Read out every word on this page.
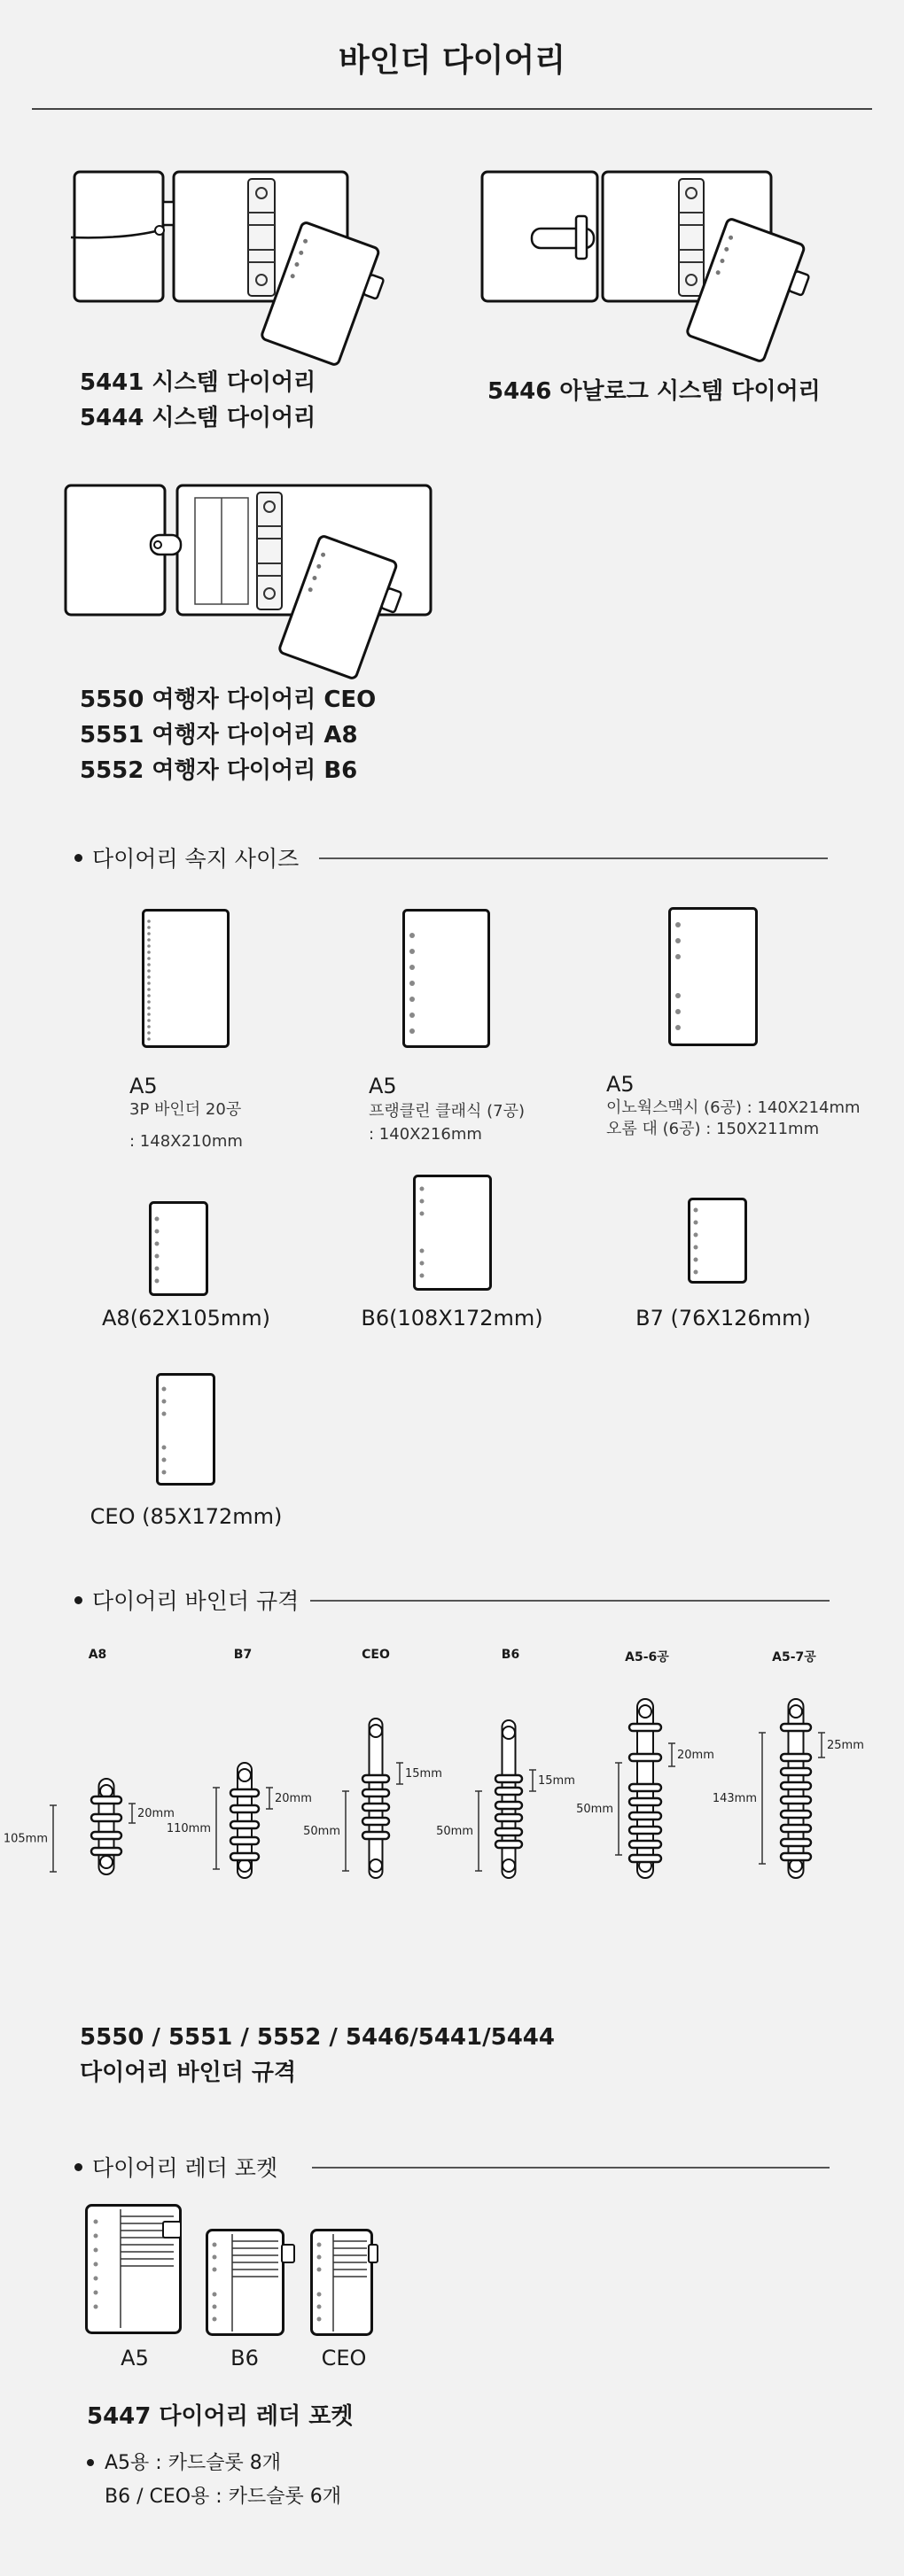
바인더 다이어리
5441 시스템 다이어리
5444 시스템 다이어리
5446 아날로그 시스템 다이어리
5550 여행자 다이어리 CEO
5551 여행자 다이어리 A8
5552 여행자 다이어리 B6
다이어리 속지 사이즈
A5
3P 바인더 20공
: 148X210mm
A5
프랭클린 클래식 (7공)
: 140X216mm
A5
이노웍스맥시 (6공) : 140X214mm
오롬 대 (6공) : 150X211mm
A8(62X105mm)	B6(108X172mm)	B7 (76X126mm)
CEO (85X172mm)
다이어리 바인더 규격
A8	B7	CEO	B6	A5-6공	A5-7공
105mm
20mm
110mm
20mm
50mm
15mm
50mm
15mm
50mm
20mm
143mm
25mm
5550 / 5551 / 5552 / 5446/5441/5444
다이어리 바인더 규격
다이어리 레더 포켓
A5	B6	CEO
5447 다이어리 레더 포켓
A5용 : 카드슬롯 8개
B6 / CEO용 : 카드슬롯 6개
